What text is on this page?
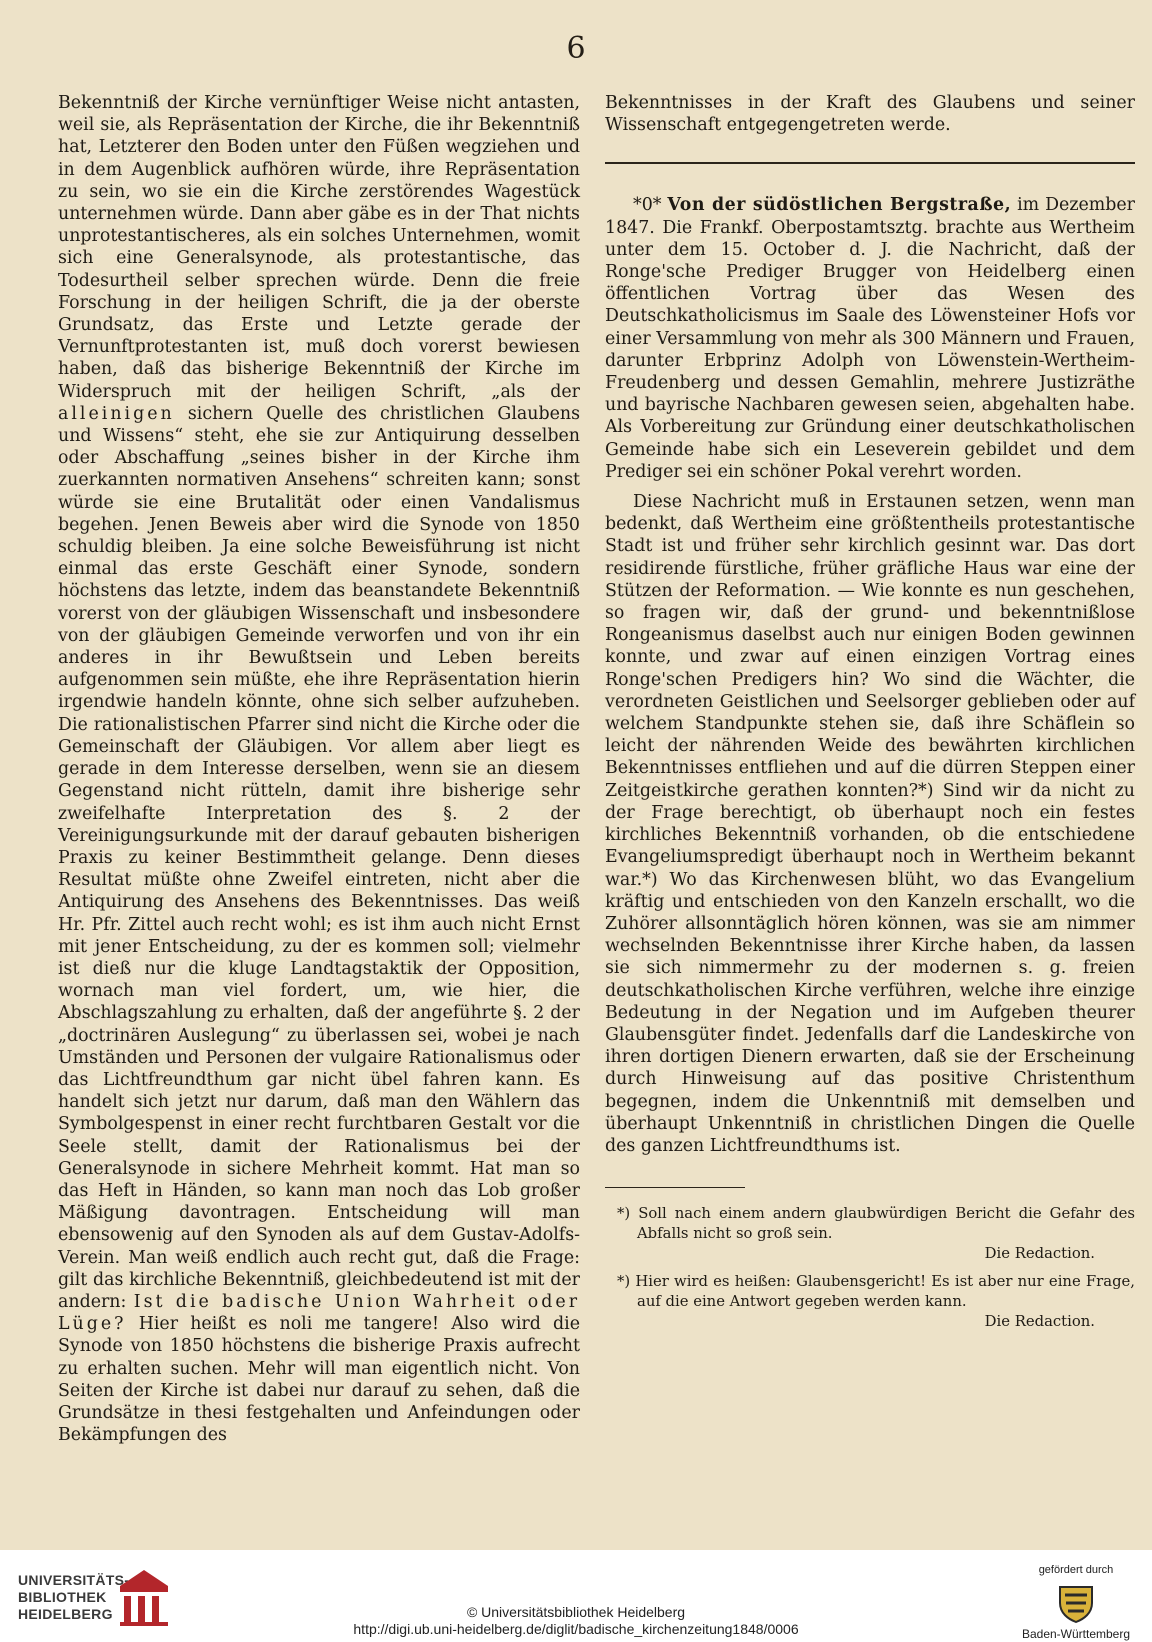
6

Bekenntniß der Kirche vernünftiger Weise nicht antasten, weil sie, als Repräsentation der Kirche, die ihr Bekenntniß hat, Letzterer den Boden unter den Füßen wegziehen und in dem Augenblick aufhören würde, ihre Repräsentation zu sein, wo sie ein die Kirche zerstörendes Wagestück unternehmen würde. Dann aber gäbe es in der That nichts unprotestantischeres, als ein solches Unternehmen, womit sich eine Generalsynode, als protestantische, das Todesurtheil selber sprechen würde. Denn die freie Forschung in der heiligen Schrift, die ja der oberste Grundsatz, das Erste und Letzte gerade der Vernunftprotestanten ist, muß doch vorerst bewiesen haben, daß das bisherige Bekenntniß der Kirche im Widerspruch mit der heiligen Schrift, „als der alleinigen sichern Quelle des christlichen Glaubens und Wissens“ steht, ehe sie zur Antiquirung desselben oder Abschaffung „seines bisher in der Kirche ihm zuerkannten normativen Ansehens“ schreiten kann; sonst würde sie eine Brutalität oder einen Vandalismus begehen. Jenen Beweis aber wird die Synode von 1850 schuldig bleiben. Ja eine solche Beweisführung ist nicht einmal das erste Geschäft einer Synode, sondern höchstens das letzte, indem das beanstandete Bekenntniß vorerst von der gläubigen Wissenschaft und insbesondere von der gläubigen Gemeinde verworfen und von ihr ein anderes in ihr Bewußtsein und Leben bereits aufgenommen sein müßte, ehe ihre Repräsentation hierin irgendwie handeln könnte, ohne sich selber aufzuheben. Die rationalistischen Pfarrer sind nicht die Kirche oder die Gemeinschaft der Gläubigen. Vor allem aber liegt es gerade in dem Interesse derselben, wenn sie an diesem Gegenstand nicht rütteln, damit ihre bisherige sehr zweifelhafte Interpretation des §. 2 der Vereinigungsurkunde mit der darauf gebauten bisherigen Praxis zu keiner Bestimmtheit gelange. Denn dieses Resultat müßte ohne Zweifel eintreten, nicht aber die Antiquirung des Ansehens des Bekenntnisses. Das weiß Hr. Pfr. Zittel auch recht wohl; es ist ihm auch nicht Ernst mit jener Entscheidung, zu der es kommen soll; vielmehr ist dieß nur die kluge Landtagstaktik der Opposition, wornach man viel fordert, um, wie hier, die Abschlagszahlung zu erhalten, daß der angeführte §. 2 der „doctrinären Auslegung“ zu überlassen sei, wobei je nach Umständen und Personen der vulgaire Rationalismus oder das Lichtfreundthum gar nicht übel fahren kann. Es handelt sich jetzt nur darum, daß man den Wählern das Symbolgespenst in einer recht furchtbaren Gestalt vor die Seele stellt, damit der Rationalismus bei der Generalsynode in sichere Mehrheit kommt. Hat man so das Heft in Händen, so kann man noch das Lob großer Mäßigung davontragen. Entscheidung will man ebensowenig auf den Synoden als auf dem Gustav-Adolfs-Verein. Man weiß endlich auch recht gut, daß die Frage: gilt das kirchliche Bekenntniß, gleichbedeutend ist mit der andern: Ist die badische Union Wahrheit oder Lüge? Hier heißt es noli me tangere! Also wird die Synode von 1850 höchstens die bisherige Praxis aufrecht zu erhalten suchen. Mehr will man eigentlich nicht. Von Seiten der Kirche ist dabei nur darauf zu sehen, daß die Grundsätze in thesi festgehalten und Anfeindungen oder Bekämpfungen des

Bekenntnisses in der Kraft des Glaubens und seiner Wissenschaft entgegengetreten werde.

*0* Von der südöstlichen Bergstraße, im Dezember 1847. Die Frankf. Oberpostamtsztg. brachte aus Wertheim unter dem 15. October d. J. die Nachricht, daß der Ronge'sche Prediger Brugger von Heidelberg einen öffentlichen Vortrag über das Wesen des Deutschkatholicismus im Saale des Löwensteiner Hofs vor einer Versammlung von mehr als 300 Männern und Frauen, darunter Erbprinz Adolph von Löwenstein-Wertheim-Freudenberg und dessen Gemahlin, mehrere Justizräthe und bayrische Nachbaren gewesen seien, abgehalten habe. Als Vorbereitung zur Gründung einer deutschkatholischen Gemeinde habe sich ein Leseverein gebildet und dem Prediger sei ein schöner Pokal verehrt worden.

Diese Nachricht muß in Erstaunen setzen, wenn man bedenkt, daß Wertheim eine größtentheils protestantische Stadt ist und früher sehr kirchlich gesinnt war. Das dort residirende fürstliche, früher gräfliche Haus war eine der Stützen der Reformation. — Wie konnte es nun geschehen, so fragen wir, daß der grund- und bekenntnißlose Rongeanismus daselbst auch nur einigen Boden gewinnen konnte, und zwar auf einen einzigen Vortrag eines Ronge'schen Predigers hin? Wo sind die Wächter, die verordneten Geistlichen und Seelsorger geblieben oder auf welchem Standpunkte stehen sie, daß ihre Schäflein so leicht der nährenden Weide des bewährten kirchlichen Bekenntnisses entfliehen und auf die dürren Steppen einer Zeitgeistkirche gerathen konnten?*) Sind wir da nicht zu der Frage berechtigt, ob überhaupt noch ein festes kirchliches Bekenntniß vorhanden, ob die entschiedene Evangeliumspredigt überhaupt noch in Wertheim bekannt war.*) Wo das Kirchenwesen blüht, wo das Evangelium kräftig und entschieden von den Kanzeln erschallt, wo die Zuhörer allsonntäglich hören können, was sie am nimmer wechselnden Bekenntnisse ihrer Kirche haben, da lassen sie sich nimmermehr zu der modernen s. g. freien deutschkatholischen Kirche verführen, welche ihre einzige Bedeutung in der Negation und im Aufgeben theurer Glaubensgüter findet. Jedenfalls darf die Landeskirche von ihren dortigen Dienern erwarten, daß sie der Erscheinung durch Hinweisung auf das positive Christenthum begegnen, indem die Unkenntniß mit demselben und überhaupt Unkenntniß in christlichen Dingen die Quelle des ganzen Lichtfreundthums ist.

*) Soll nach einem andern glaubwürdigen Bericht die Gefahr des Abfalls nicht so groß sein.
Die Redaction.
*) Hier wird es heißen: Glaubensgericht! Es ist aber nur eine Frage, auf die eine Antwort gegeben werden kann.
Die Redaction.
UNIVERSITÄTS-
BIBLIOTHEK
HEIDELBERG	© Universitätsbibliothek Heidelberg
http://digi.ub.uni-heidelberg.de/diglit/badische_kirchenzeitung1848/0006
gefördert durch
Baden-Württemberg
